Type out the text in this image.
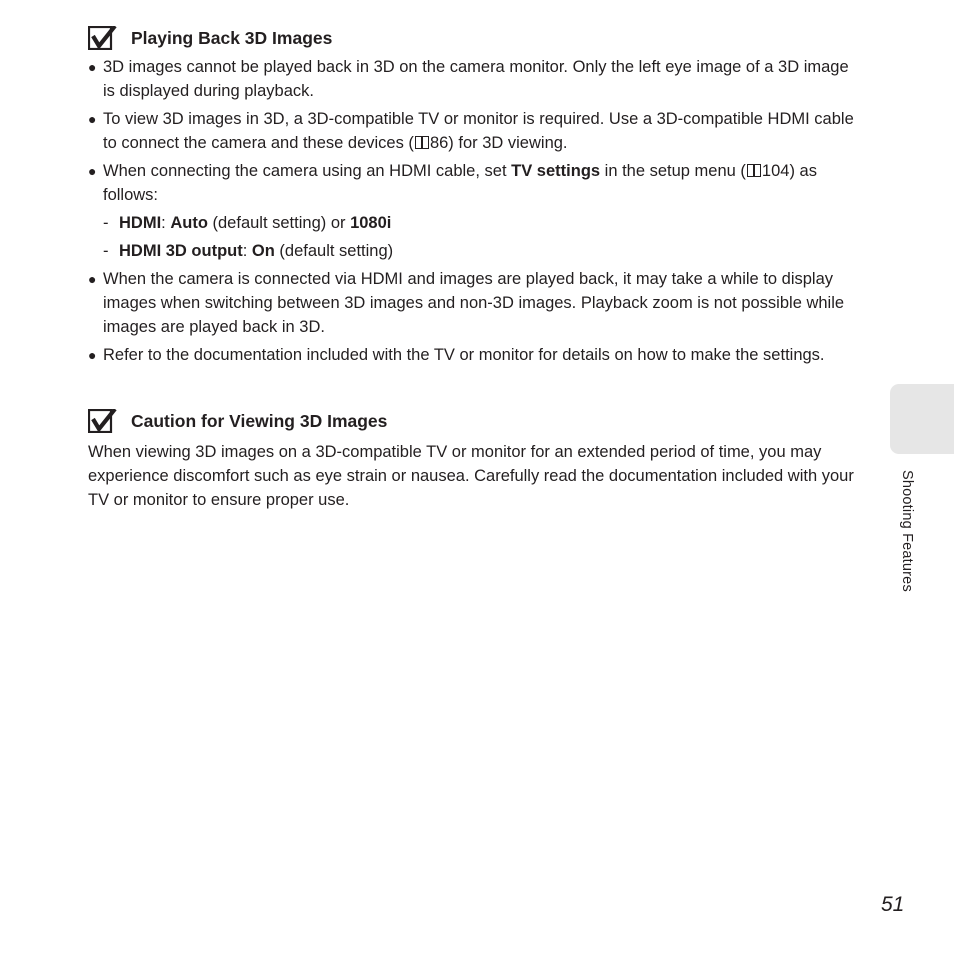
Playing Back 3D Images
● 3D images cannot be played back in 3D on the camera monitor. Only the left eye image of a 3D image is displayed during playback.
● To view 3D images in 3D, a 3D-compatible TV or monitor is required. Use a 3D-compatible HDMI cable to connect the camera and these devices ( 86) for 3D viewing.
● When connecting the camera using an HDMI cable, set TV settings in the setup menu ( 104) as follows:
- HDMI: Auto (default setting) or 1080i
- HDMI 3D output: On (default setting)
● When the camera is connected via HDMI and images are played back, it may take a while to display images when switching between 3D images and non-3D images. Playback zoom is not possible while images are played back in 3D.
● Refer to the documentation included with the TV or monitor for details on how to make the settings.
Caution for Viewing 3D Images
When viewing 3D images on a 3D-compatible TV or monitor for an extended period of time, you may experience discomfort such as eye strain or nausea. Carefully read the documentation included with your TV or monitor to ensure proper use.	Shooting Features
51
